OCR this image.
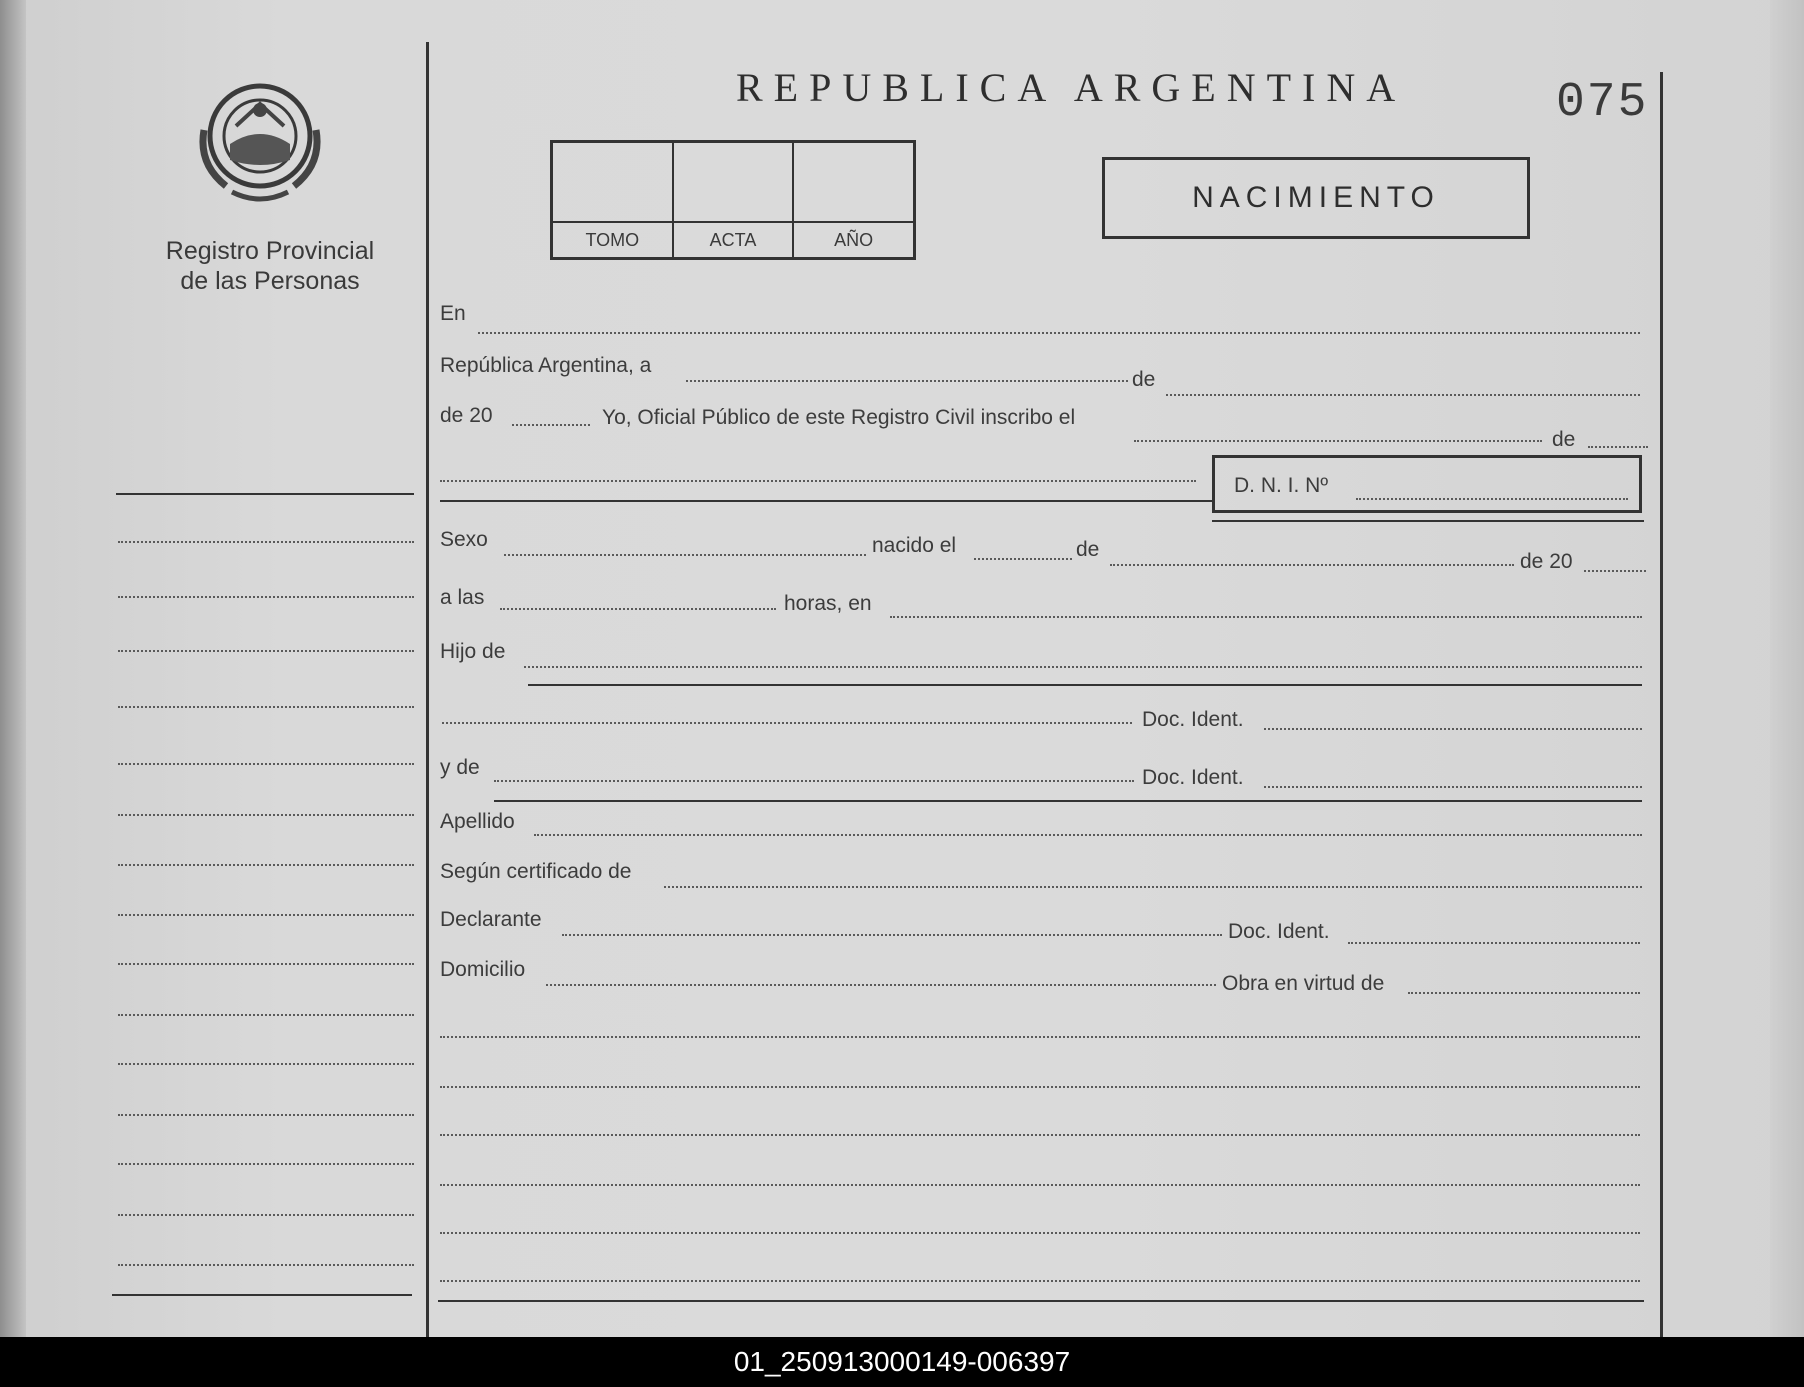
REPUBLICA ARGENTINA	075
NACIMIENTO
TOMO	ACTA	AÑO
Registro Provincial
de las Personas
En
República Argentina, a
de
de 20	Yo, Oficial Público de este Registro Civil inscribo el
de
D. N. I. Nº
Sexo	nacido el	de
de 20
a las	horas, en
Hijo de
Doc. Ident.
y de	Doc. Ident.
Apellido
Según certificado de
Declarante
Doc. Ident.
Domicilio
Obra en virtud de
01_250913000149-006397
